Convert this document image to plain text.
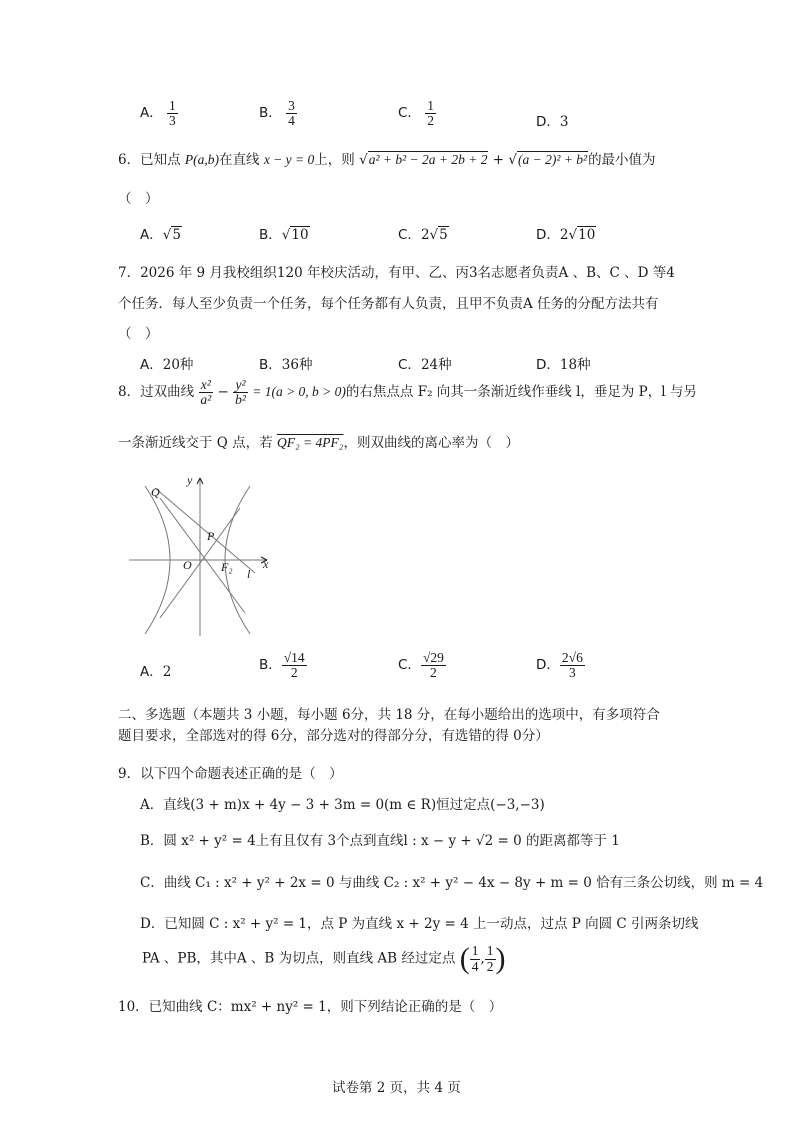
A． $\frac{1}{3}$	B． $\frac{3}{4}$	C． $\frac{1}{2}$	D．3
6．已知点 P(a,b)在直线 x − y = 0上，则 √a² + b² − 2a + 2b + 2 + √(a − 2)² + b²的最小值为
（　）
A．√5	B．√10	C．2√5	D．2√10
7．2026 年 9 月我校组织120 年校庆活动，有甲、乙、丙3名志愿者负责A 、B、C 、D 等4
个任务．每人至少负责一个任务，每个任务都有人负责，且甲不负责A 任务的分配方法共有
（　）
A．20种	B．36种	C．24种	D．18种
8．过双曲线 $\frac{\text{x²}}{\text{a²}} - \frac{\text{y²}}{\text{b²}} = 1(a > 0$, b > 0)的右焦点点 F₂ 向其一条渐近线作垂线 l，垂足为 P，l 与另
一条渐近线交于 Q 点，若 QF₂ = 4PF₂，则双曲线的离心率为（　）
y
x
Q
P
O F₂ l
A．2	B． $\frac{√14}{2}$	C． $\frac{√29}{2}$	D． $\frac{2√6}{3}$
二、多选题（本题共 3 小题，每小题 6分，共 18 分，在每小题给出的选项中，有多项符合
题目要求，全部选对的得 6分，部分选对的得部分分，有选错的得 0分）
9．以下四个命题表述正确的是（　）
A．直线(3 + m)x + 4y − 3 + 3m = 0(m ∈ R)恒过定点(−3,−3)
B．圆 x² + y² = 4上有且仅有 3个点到直线l : x − y + √2 = 0 的距离都等于 1
C．曲线 C₁ : x² + y² + 2x = 0 与曲线 C₂ : x² + y² − 4x − 8y + m = 0 恰有三条公切线，则 m = 4
D．已知圆 C : x² + y² = 1，点 P 为直线 x + 2y = 4 上一动点，过点 P 向圆 C 引两条切线
PA 、PB，其中A 、B 为切点，则直线 AB 经过定点 ( $\frac{1}{4}$ , $\frac{1}{2}$ )
10．已知曲线 C：mx² + ny² = 1，则下列结论正确的是（　）
试卷第 2 页，共 4 页
